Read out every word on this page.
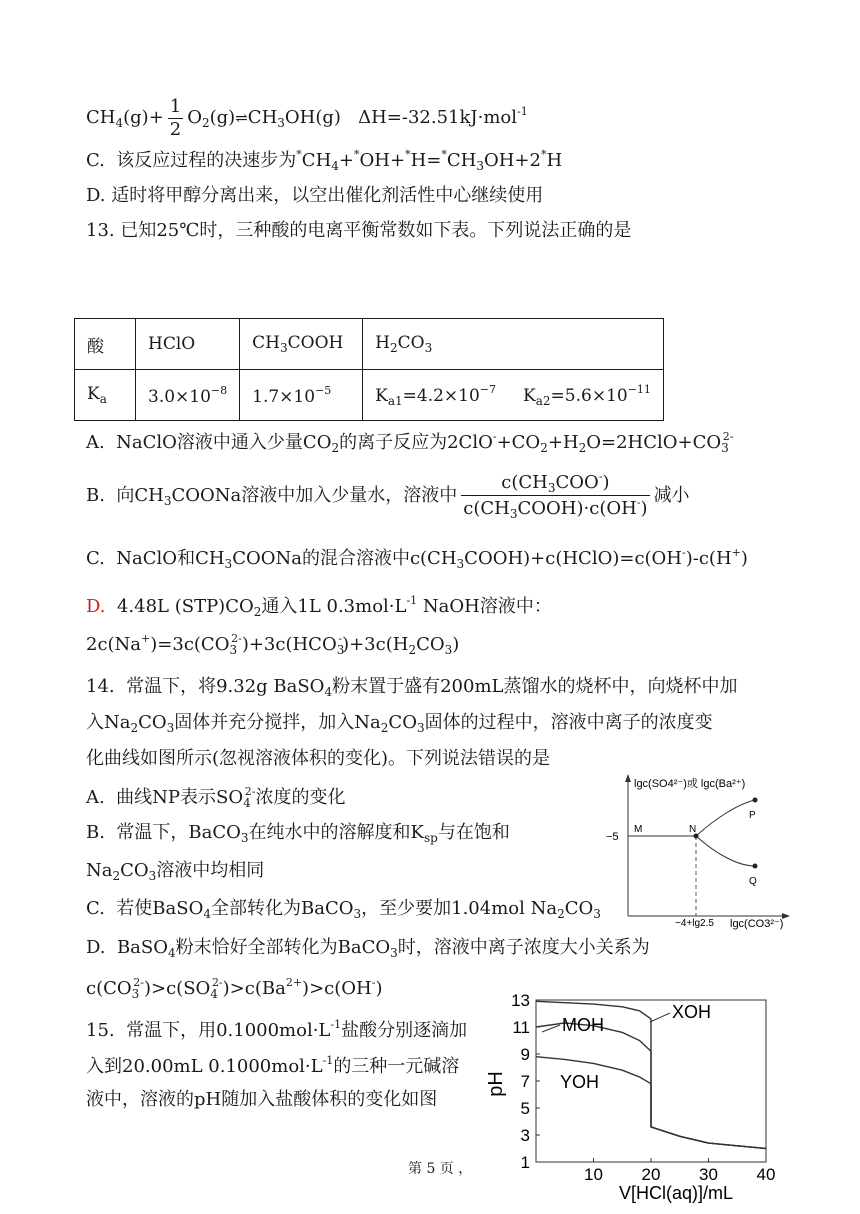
$CH_4(g)+ \frac{1}{2}$ $O_2(g)\rightleftharpoons CH_3OH(g)$   ΔH=-32.51kJ·mol$^{-1}$
C.  该反应过程的决速步为$^*CH_4+^*OH+^*H=^*CH_3OH+2^*H$
D. 适时将甲醇分离出来，以空出催化剂活性中心继续使用
13. 已知25℃时，三种酸的电离平衡常数如下表。下列说法正确的是
酸	HClO	$CH_3COOH$	$H_2CO_3$
$K_a$	$3.0\times 10^{-8}$	$1.7\times 10^{-5}$	$K_{a1}=4.2\times 10^{-7}$     $K_{a2}=5.6\times 10^{-11}$
A.  NaClO溶液中通入少量$CO_2$的离子反应为$2ClO^-+CO_2+H_2O=2HClO+CO_3^{2-}$
B.  向$CH_3COONa$溶液中加入少量水，溶液中 $\frac{c(CH_3COO^-)}{c(CH_3COOH)\cdot c(OH^-)}$ 减小
C.  NaClO和$CH_3COONa$的混合溶液中$c(CH_3COOH)+c(HClO)=c(OH^-)-c(H^+)$
D.  4.48L $(STP)CO_2$通入1L $0.3mol\cdot L^{-1}$ NaOH溶液中：
$2c(Na^+)=3c(CO_3^{2-})+3c(HCO_3^-)+3c(H_2CO_3)$
14.  常温下，将9.32g BaSO$_4$粉末置于盛有200mL蒸馏水的烧杯中，向烧杯中加
入$Na_2CO_3$固体并充分搅拌，加入$Na_2CO_3$固体的过程中，溶液中离子的浓度变
化曲线如图所示(忽视溶液体积的变化)。下列说法错误的是
A.  曲线NP表示$SO_4^{2-}$浓度的变化
B.  常温下，BaCO$_3$在纯水中的溶解度和$K_{sp}$与在饱和
$Na_2CO_3$溶液中均相同
C.  若使BaSO$_4$全部转化为BaCO$_3$，至少要加1.04mol $Na_2CO_3$
D.  BaSO$_4$粉末恰好全部转化为BaCO$_3$时，溶液中离子浓度大小关系为
$c(CO_3^{2-})>c(SO_4^{2-})>c(Ba^{2+})>c(OH^-)$
lgc(SO4²⁻)或 lgc(Ba²⁺)
−5
M	N
P
Q
−4+lg2.5 lgc(CO3²⁻)
15.  常温下，用$0.1000mol\cdot L^{-1}$盐酸分别逐滴加
入到20.00mL $0.1000mol\cdot L^{-1}$的三种一元碱溶
液中，溶液的pH随加入盐酸体积的变化如图
13
11
9
7
5
3
1
10 20 30 40
pH
V[HCl(aq)]/mL
XOH
MOH
YOH
第 5 页 ，
